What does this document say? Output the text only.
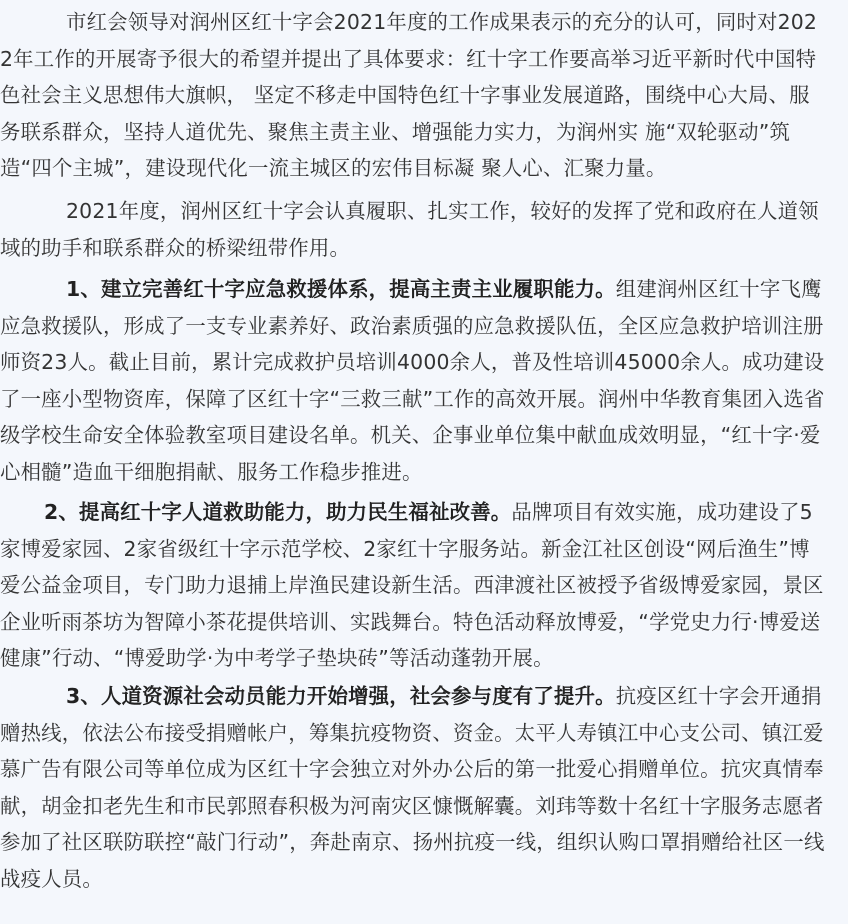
市红会领导对润州区红十字会2021年度的工作成果表示的充分的认可，同时对2022年工作的开展寄予很大的希望并提出了具体要求：红十字工作要高举习近平新时代中国特色社会主义思想伟大旗帜， 坚定不移走中国特色红十字事业发展道路，围绕中心大局、服务联系群众，坚持人道优先、聚焦主责主业、增强能力实力，为润州实 施“双轮驱动”筑造“四个主城”，建设现代化一流主城区的宏伟目标凝 聚人心、汇聚力量。

2021年度，润州区红十字会认真履职、扎实工作，较好的发挥了党和政府在人道领域的助手和联系群众的桥梁纽带作用。

1、建立完善红十字应急救援体系，提高主责主业履职能力。组建润州区红十字飞鹰应急救援队，形成了一支专业素养好、政治素质强的应急救援队伍，全区应急救护培训注册师资23人。截止目前，累计完成救护员培训4000余人，普及性培训45000余人。成功建设了一座小型物资库，保障了区红十字“三救三献”工作的高效开展。润州中华教育集团入选省级学校生命安全体验教室项目建设名单。机关、企事业单位集中献血成效明显，“红十字·爱心相髓”造血干细胞捐献、服务工作稳步推进。

2、提高红十字人道救助能力，助力民生福祉改善。品牌项目有效实施，成功建设了5家博爱家园、2家省级红十字示范学校、2家红十字服务站。新金江社区创设“网后渔生”博爱公益金项目，专门助力退捕上岸渔民建设新生活。西津渡社区被授予省级博爱家园，景区企业听雨茶坊为智障小茶花提供培训、实践舞台。特色活动释放博爱，“学党史力行·博爱送健康”行动、“博爱助学·为中考学子垫块砖”等活动蓬勃开展。

3、人道资源社会动员能力开始增强，社会参与度有了提升。抗疫区红十字会开通捐赠热线，依法公布接受捐赠帐户，筹集抗疫物资、资金。太平人寿镇江中心支公司、镇江爱慕广告有限公司等单位成为区红十字会独立对外办公后的第一批爱心捐赠单位。抗灾真情奉献，胡金扣老先生和市民郭照春积极为河南灾区慷慨解囊。刘玮等数十名红十字服务志愿者参加了社区联防联控“敲门行动”，奔赴南京、扬州抗疫一线，组织认购口罩捐赠给社区一线战疫人员。
